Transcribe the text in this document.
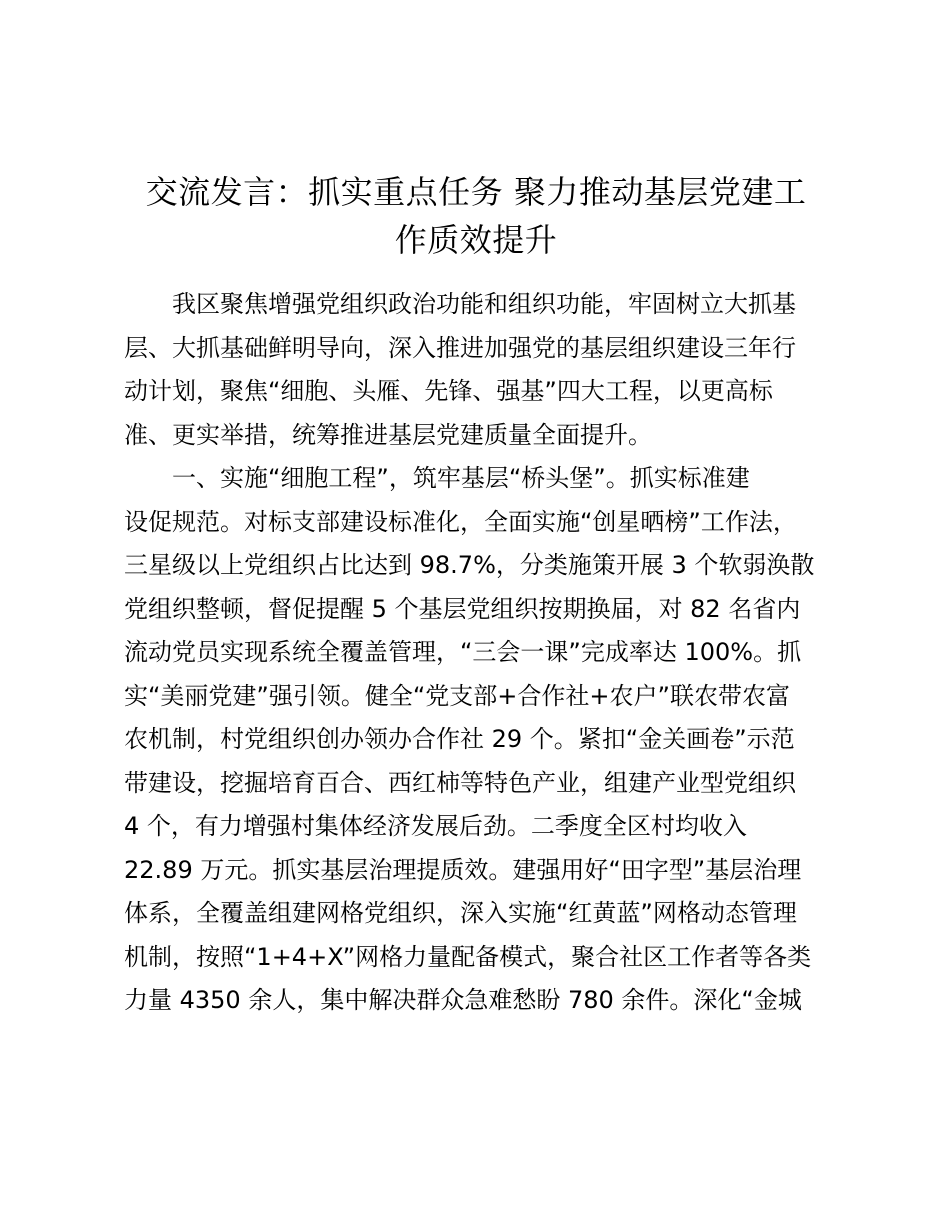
交流发言：抓实重点任务 聚力推动基层党建工
作质效提升
我区聚焦增强党组织政治功能和组织功能，牢固树立大抓基
层、大抓基础鲜明导向，深入推进加强党的基层组织建设三年行
动计划，聚焦“细胞、头雁、先锋、强基”四大工程，以更高标
准、更实举措，统筹推进基层党建质量全面提升。
一、实施“细胞工程”，筑牢基层“桥头堡”。抓实标准建
设促规范。对标支部建设标准化，全面实施“创星晒榜”工作法，
三星级以上党组织占比达到 98.7%，分类施策开展 3 个软弱涣散
党组织整顿，督促提醒 5 个基层党组织按期换届，对 82 名省内
流动党员实现系统全覆盖管理，“三会一课”完成率达 100%。抓
实“美丽党建”强引领。健全“党支部+合作社+农户”联农带农富
农机制，村党组织创办领办合作社 29 个。紧扣“金关画卷”示范
带建设，挖掘培育百合、西红柿等特色产业，组建产业型党组织
4 个，有力增强村集体经济发展后劲。二季度全区村均收入
22.89 万元。抓实基层治理提质效。建强用好“田字型”基层治理
体系，全覆盖组建网格党组织，深入实施“红黄蓝”网格动态管理
机制，按照“1+4+X”网格力量配备模式，聚合社区工作者等各类
力量 4350 余人，集中解决群众急难愁盼 780 余件。深化“金城
